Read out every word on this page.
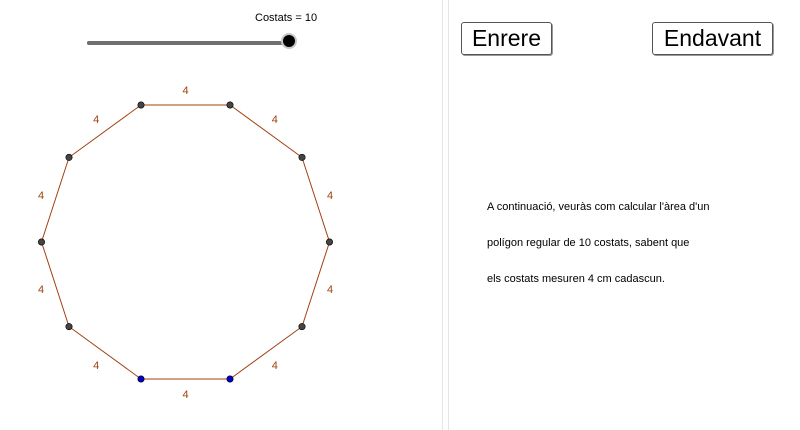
Costats = 10
4
4
4
4
4
4
4
4
4
4
Enrere	Endavant
A continuació, veuràs com calcular l'àrea d'un
polígon regular de 10 costats, sabent que
els costats mesuren 4 cm cadascun.
